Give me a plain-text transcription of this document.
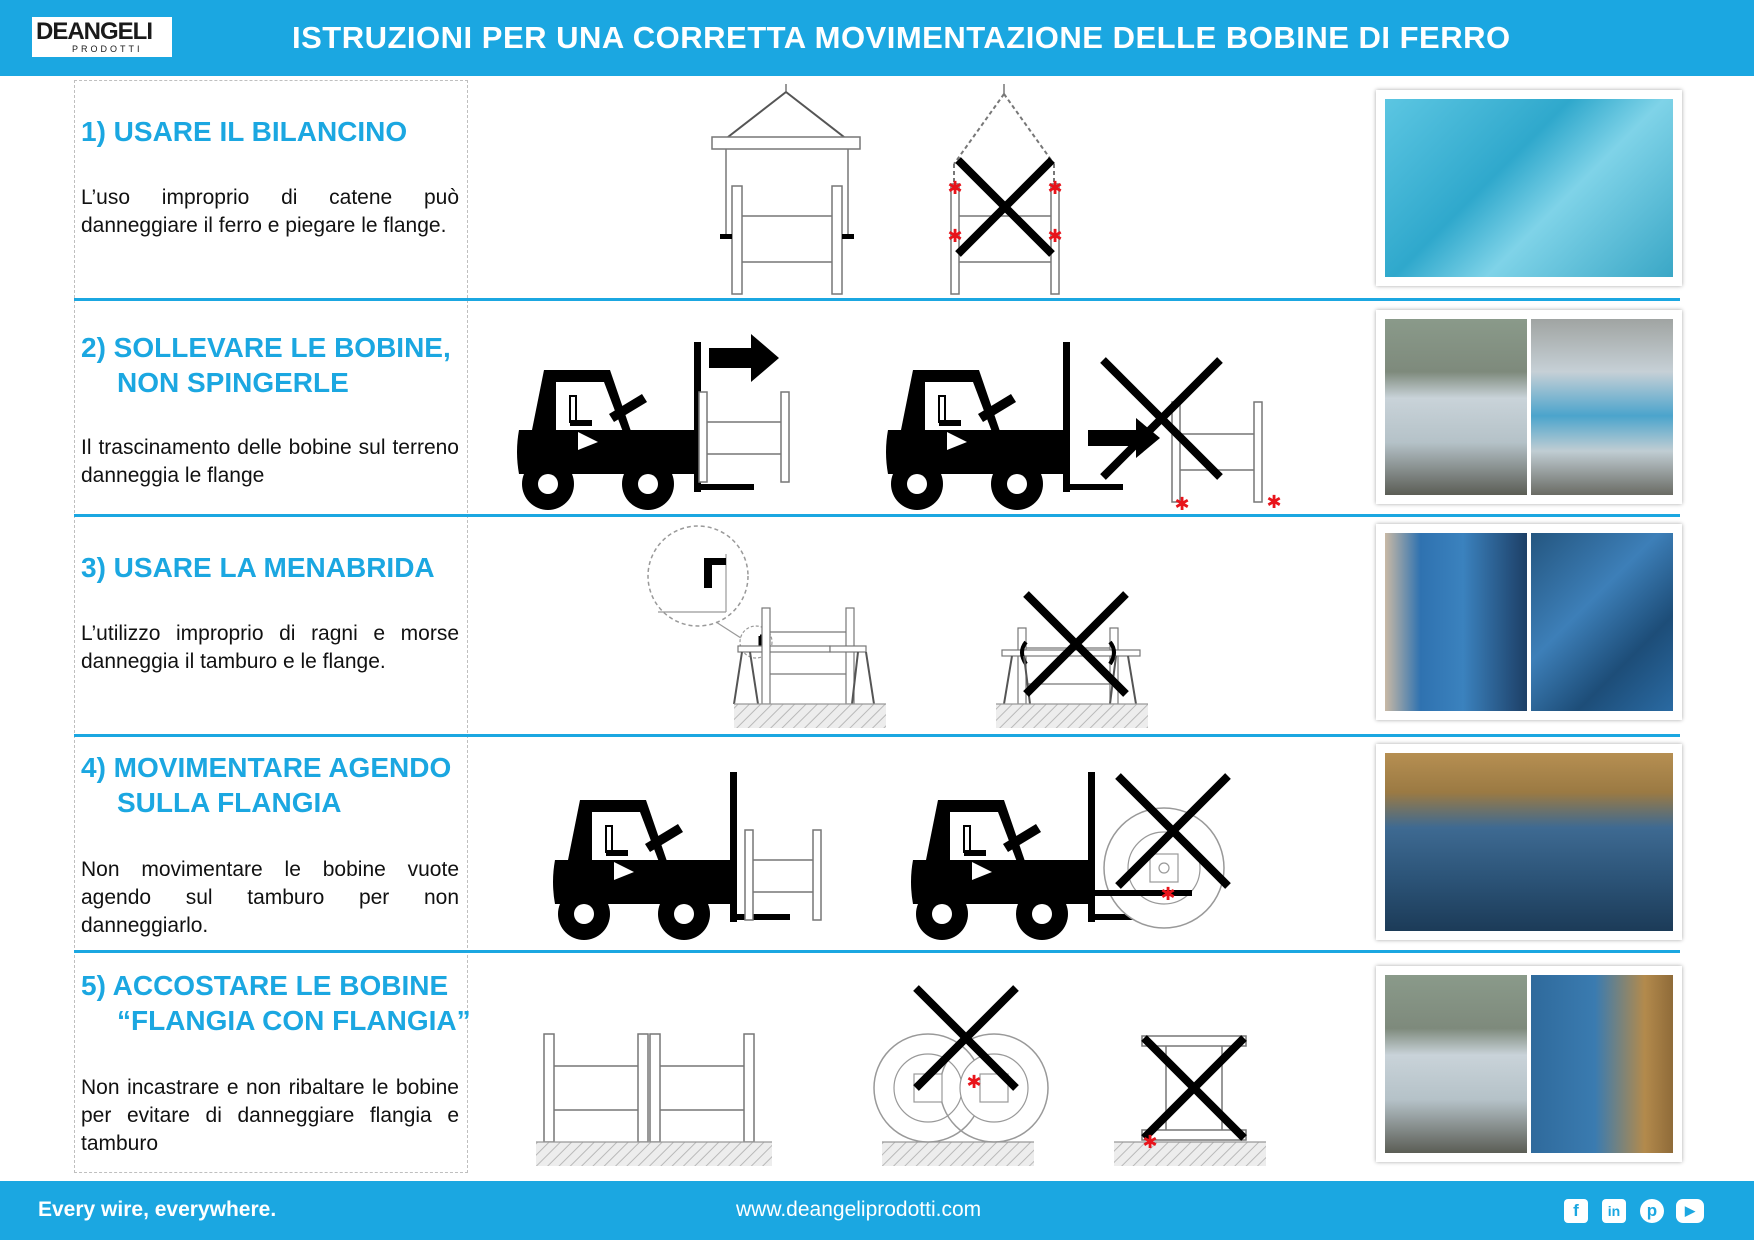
DEANGELI
PRODOTTI	ISTRUZIONI PER UNA CORRETTA MOVIMENTAZIONE DELLE BOBINE DI FERRO
1) USARE IL BILANCINO
L’uso improprio di catene può danneggiare il ferro e piegare le flange.
2) SOLLEVARE LE BOBINE,
NON SPINGERLE
Il trascinamento delle bobine sul terreno danneggia le flange
3) USARE LA MENABRIDA
L’utilizzo improprio di ragni e morse danneggia il tamburo e le flange.
4) MOVIMENTARE AGENDO
SULLA FLANGIA
Non movimentare le bobine vuote agendo sul tamburo per non danneggiarlo.
5) ACCOSTARE LE BOBINE
“FLANGIA CON FLANGIA”
Non incastrare e non ribaltare le bobine per evitare di danneggiare flangia e tamburo
Every wire, everywhere.	www.deangeliprodotti.com	f	in	p	▶
